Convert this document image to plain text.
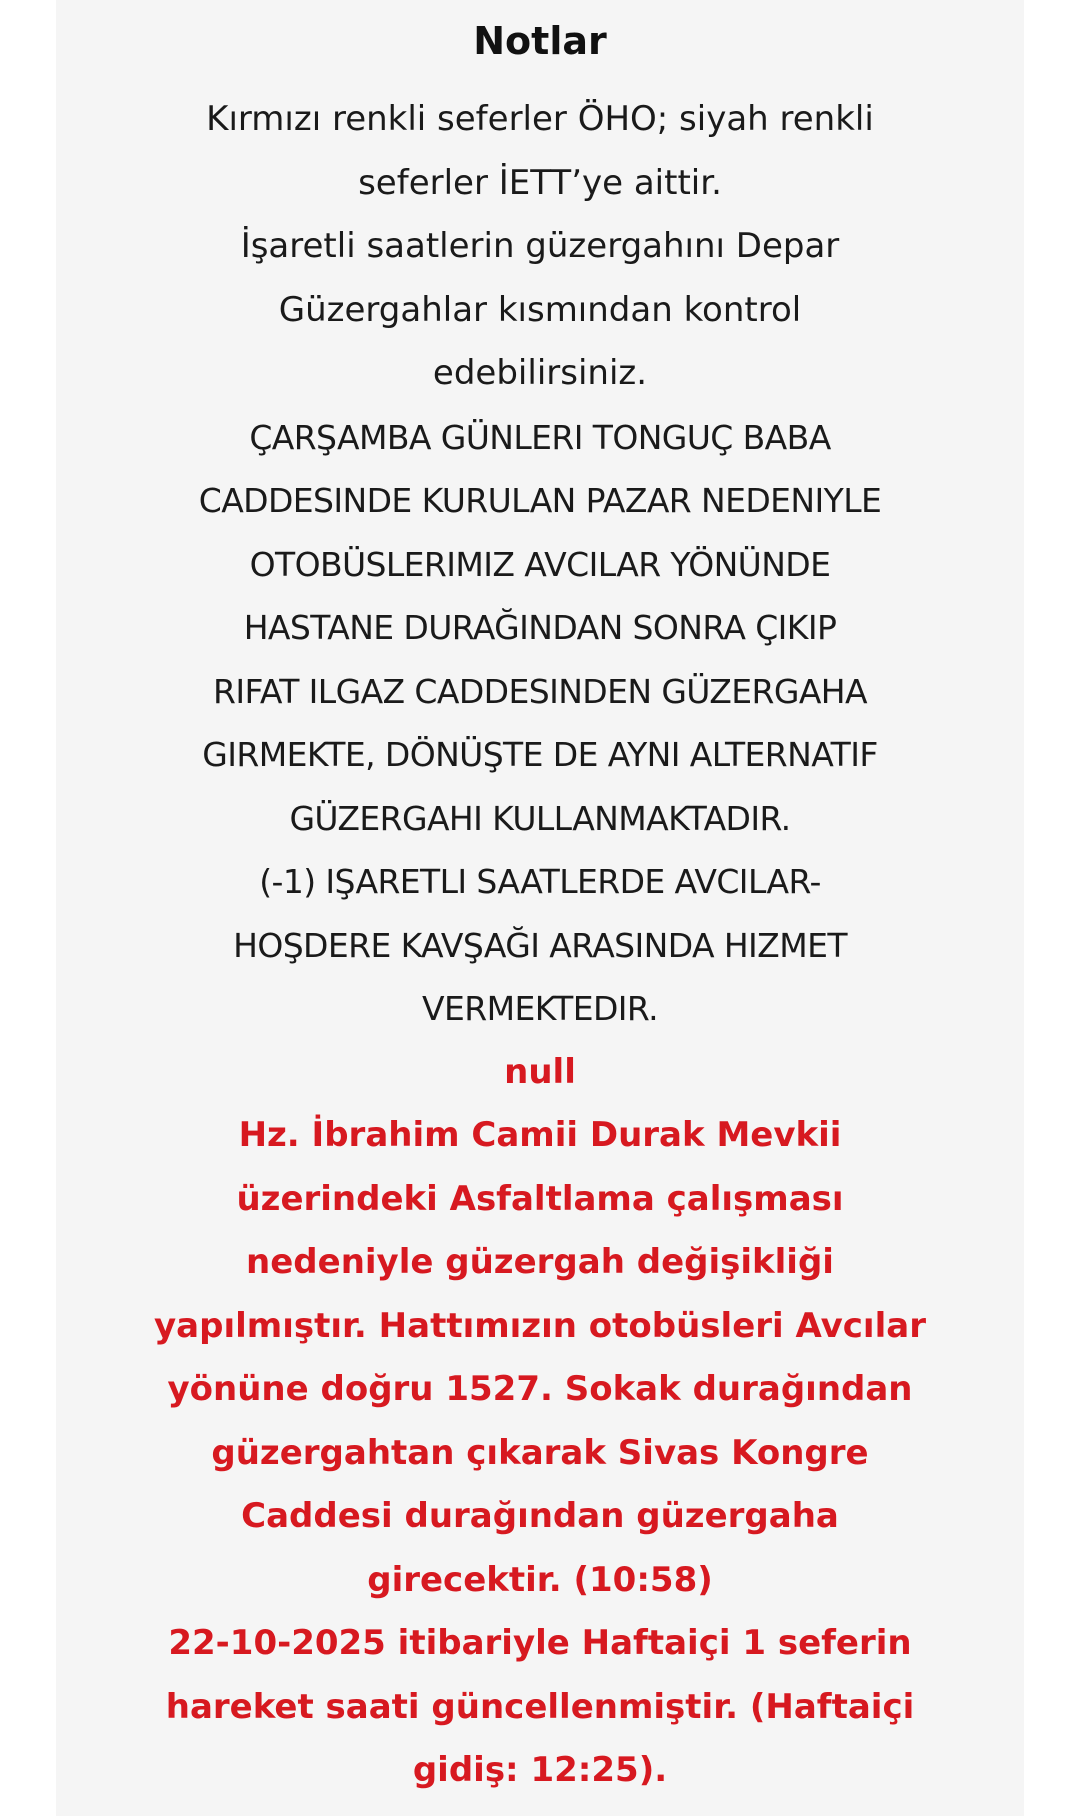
Notlar
Kırmızı renkli seferler ÖHO; siyah renkli
seferler İETT’ye aittir.
İşaretli saatlerin güzergahını Depar
Güzergahlar kısmından kontrol
edebilirsiniz.
ÇARŞAMBA GÜNLERI TONGUÇ BABA
CADDESINDE KURULAN PAZAR NEDENIYLE
OTOBÜSLERIMIZ AVCILAR YÖNÜNDE
HASTANE DURAĞINDAN SONRA ÇIKIP
RIFAT ILGAZ CADDESINDEN GÜZERGAHA
GIRMEKTE, DÖNÜŞTE DE AYNI ALTERNATIF
GÜZERGAHI KULLANMAKTADIR.
(-1) IŞARETLI SAATLERDE AVCILAR-
HOŞDERE KAVŞAĞI ARASINDA HIZMET
VERMEKTEDIR.
null
Hz. İbrahim Camii Durak Mevkii
üzerindeki Asfaltlama çalışması
nedeniyle güzergah değişikliği
yapılmıştır. Hattımızın otobüsleri Avcılar
yönüne doğru 1527. Sokak durağından
güzergahtan çıkarak Sivas Kongre
Caddesi durağından güzergaha
girecektir. (10:58)
22-10-2025 itibariyle Haftaiçi 1 seferin
hareket saati güncellenmiştir. (Haftaiçi
gidiş: 12:25).
